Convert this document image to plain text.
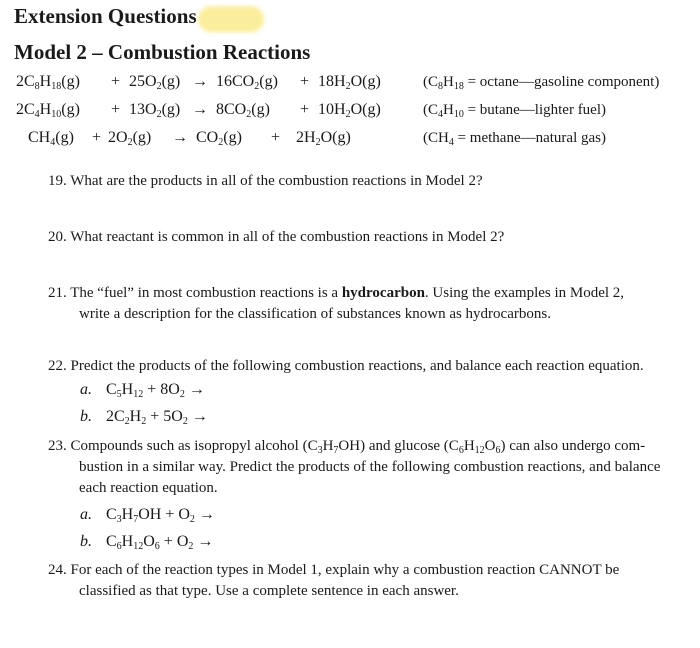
Extension Questions
Model 2 – Combustion Reactions
$2C_8H_{18}(g) + 25O_2(g) \to 16CO_2(g) + 18H_2O(g)$	($C_8H_{18}$ = octane—gasoline component)
$2C_4H_{10}(g) + 13O_2(g) \to 8CO_2(g) + 10H_2O(g)$	($C_4H_{10}$ = butane—lighter fuel)
$CH_4(g) + 2O_2(g) \to CO_2(g) + 2H_2O(g)$	($CH_4$ = methane—natural gas)
19. What are the products in all of the combustion reactions in Model 2?
20. What reactant is common in all of the combustion reactions in Model 2?
21. The “fuel” in most combustion reactions is a hydrocarbon. Using the examples in Model 2,
write a description for the classification of substances known as hydrocarbons.
22. Predict the products of the following combustion reactions, and balance each reaction equation.
a. $C_5H_{12} + 8O_2$ →
b. $2C_2H_2 + 5O_2$ →
23. Compounds such as isopropyl alcohol $(C_3H_7OH)$ and glucose $(C_6H_{12}O_6)$ can also undergo com-
bustion in a similar way. Predict the products of the following combustion reactions, and balance
each reaction equation.
a. $C_3H_7OH + O_2$ →
b. $C_6H_{12}O_6 + O_2$ →
24. For each of the reaction types in Model 1, explain why a combustion reaction CANNOT be
classified as that type. Use a complete sentence in each answer.
